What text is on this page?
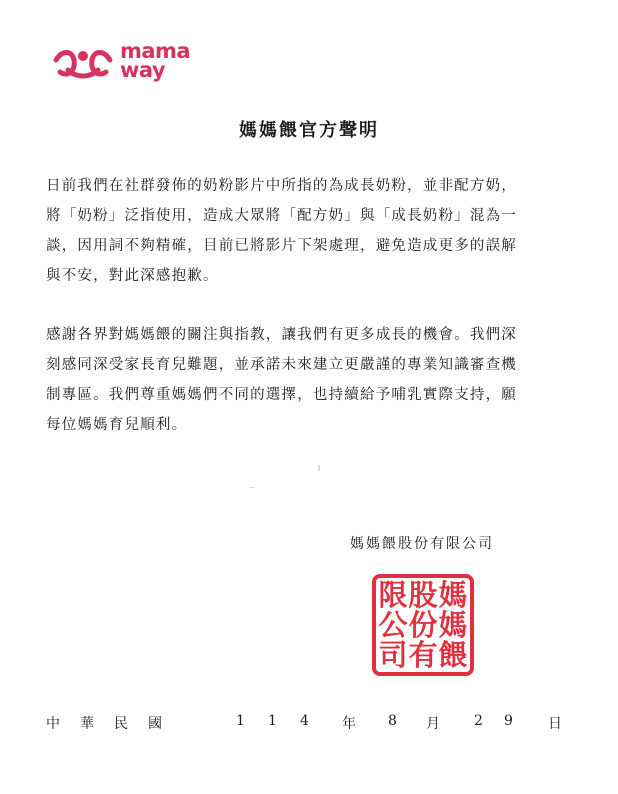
mama
way
媽媽餵官方聲明

日前我們在社群發佈的奶粉影片中所指的為成長奶粉，並非配方奶，
將「奶粉」泛指使用，造成大眾將「配方奶」與「成長奶粉」混為一
談，因用詞不夠精確，目前已將影片下架處理，避免造成更多的誤解
與不安，對此深感抱歉。

感謝各界對媽媽餵的關注與指教，讓我們有更多成長的機會。我們深
刻感同深受家長育兒難題，並承諾未來建立更嚴謹的專業知識審查機
制專區。我們尊重媽媽們不同的選擇，也持續給予哺乳實際支持，願
每位媽媽育兒順利。

媽媽餵股份有限公司
媽
媽
餵
股
份
有
限
公
司
中 華 民 國	1 1 4 年 8 月 2 9	日
